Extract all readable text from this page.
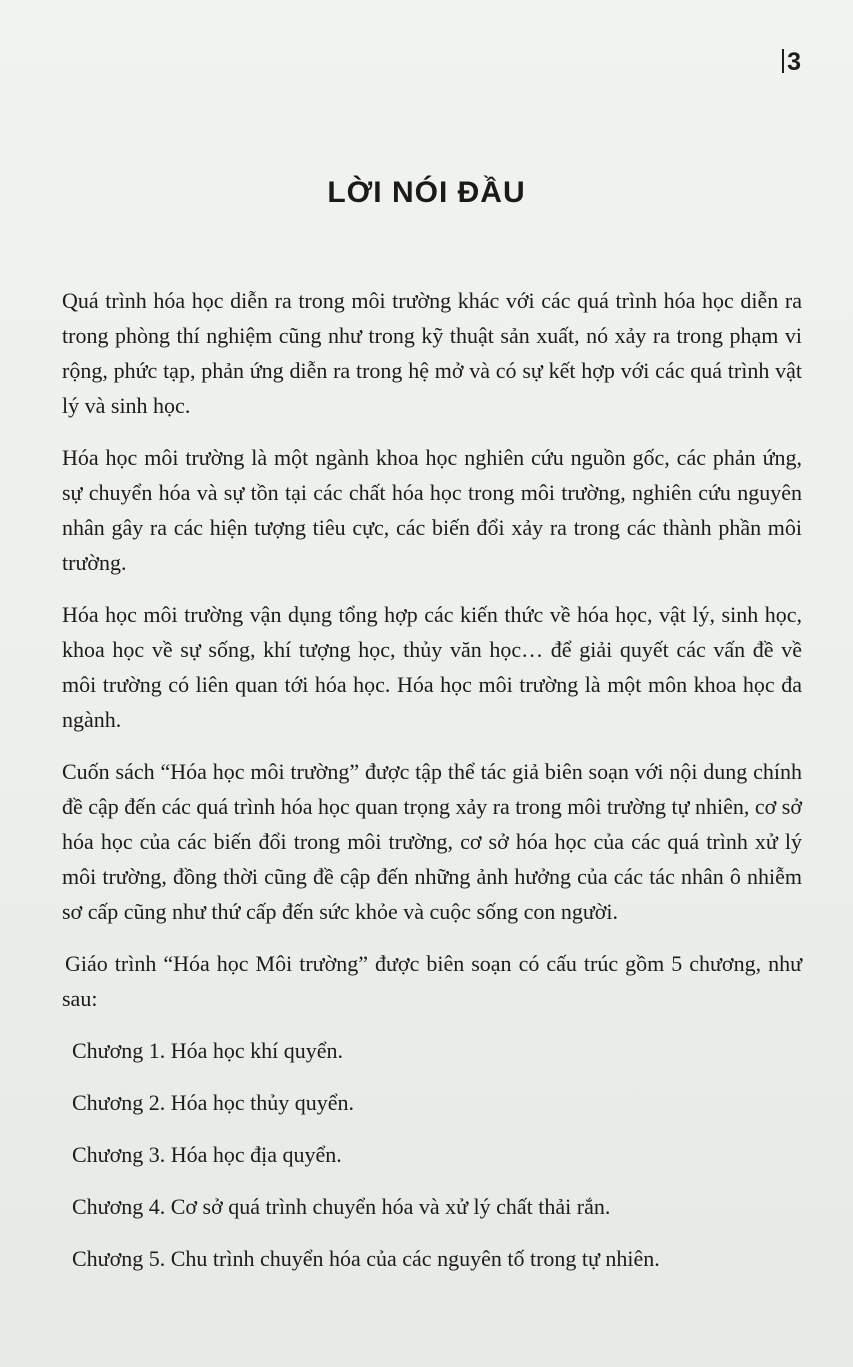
3
LỜI NÓI ĐẦU

Quá trình hóa học diễn ra trong môi trường khác với các quá trình hóa học diễn ra trong phòng thí nghiệm cũng như trong kỹ thuật sản xuất, nó xảy ra trong phạm vi rộng, phức tạp, phản ứng diễn ra trong hệ mở và có sự kết hợp với các quá trình vật lý và sinh học.

Hóa học môi trường là một ngành khoa học nghiên cứu nguồn gốc, các phản ứng, sự chuyển hóa và sự tồn tại các chất hóa học trong môi trường, nghiên cứu nguyên nhân gây ra các hiện tượng tiêu cực, các biến đổi xảy ra trong các thành phần môi trường.

Hóa học môi trường vận dụng tổng hợp các kiến thức về hóa học, vật lý, sinh học, khoa học về sự sống, khí tượng học, thủy văn học… để giải quyết các vấn đề về môi trường có liên quan tới hóa học. Hóa học môi trường là một môn khoa học đa ngành.

Cuốn sách “Hóa học môi trường” được tập thể tác giả biên soạn với nội dung chính đề cập đến các quá trình hóa học quan trọng xảy ra trong môi trường tự nhiên, cơ sở hóa học của các biến đổi trong môi trường, cơ sở hóa học của các quá trình xử lý môi trường, đồng thời cũng đề cập đến những ảnh hưởng của các tác nhân ô nhiễm sơ cấp cũng như thứ cấp đến sức khỏe và cuộc sống con người.

Giáo trình “Hóa học Môi trường” được biên soạn có cấu trúc gồm 5 chương, như sau:

Chương 1. Hóa học khí quyển.
Chương 2. Hóa học thủy quyển.
Chương 3. Hóa học địa quyển.
Chương 4. Cơ sở quá trình chuyển hóa và xử lý chất thải rắn.
Chương 5. Chu trình chuyển hóa của các nguyên tố trong tự nhiên.
